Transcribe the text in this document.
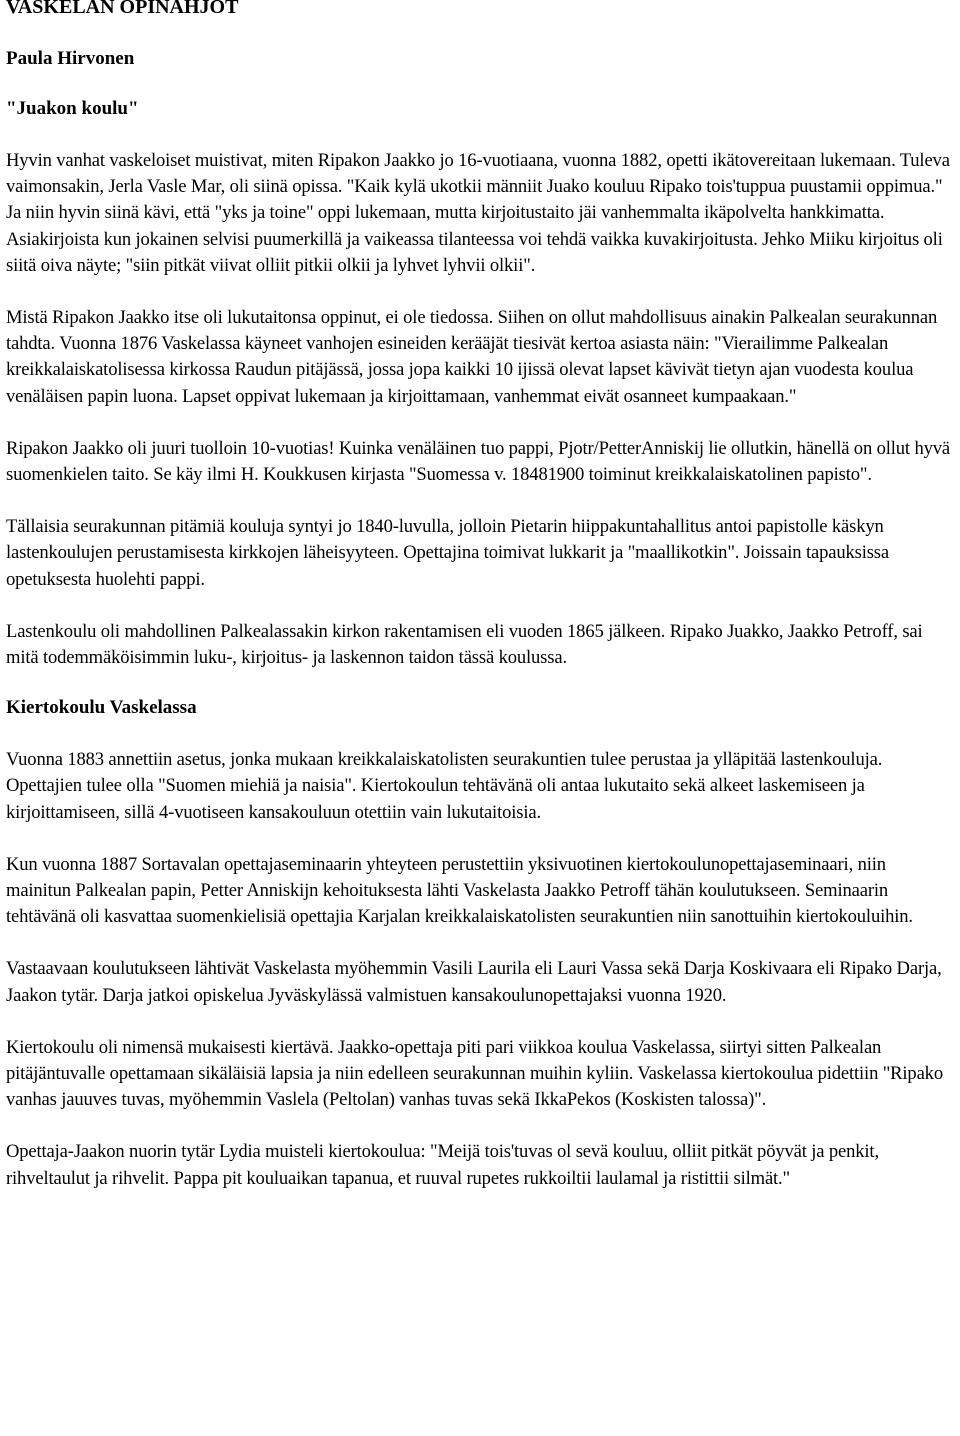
VASKELAN OPINAHJOT
Paula Hirvonen
"Juakon koulu"

Hyvin vanhat vaskeloiset muistivat, miten Ripakon Jaakko jo 16-vuotiaana, vuonna 1882, opetti ikätovereitaan lukemaan. Tuleva vaimonsakin, Jerla Vasle Mar, oli siinä opissa. "Kaik kylä ukotkii männiit Juako kouluu Ripako tois'tuppua puustamii oppimua." Ja niin hyvin siinä kävi, että "yks ja toine" oppi lukemaan, mutta kirjoitustaito jäi vanhemmalta ikäpolvelta hankkimatta. Asiakirjoista kun jokainen selvisi puumerkillä ja vaikeassa tilanteessa voi tehdä vaikka kuvakirjoitusta. Jehko Miiku kirjoitus oli siitä oiva näyte; "siin pitkät viivat olliit pitkii olkii ja lyhvet lyhvii olkii".

Mistä Ripakon Jaakko itse oli lukutaitonsa oppinut, ei ole tiedossa. Siihen on ollut mahdollisuus ainakin Palkealan seurakunnan tahdta. Vuonna 1876 Vaskelassa käyneet vanhojen esineiden kerääjät tiesivät kertoa asiasta näin: "Vierailimme Palkealan kreikkalaiskatolisessa kirkossa Raudun pitäjässä, jossa jopa kaikki 10 ijissä olevat lapset kävivät tietyn ajan vuodesta koulua venäläisen papin luona. Lapset oppivat lukemaan ja kirjoittamaan, vanhemmat eivät osanneet kumpaakaan."

Ripakon Jaakko oli juuri tuolloin 10-vuotias! Kuinka venäläinen tuo pappi, Pjotr/PetterAnniskij lie ollutkin, hänellä on ollut hyvä suomenkielen taito. Se käy ilmi H. Koukkusen kirjasta "Suomessa v. 18481900 toiminut kreikkalaiskatolinen papisto".

Tällaisia seurakunnan pitämiä kouluja syntyi jo 1840-luvulla, jolloin Pietarin hiippakuntahallitus antoi papistolle käskyn lastenkoulujen perustamisesta kirkkojen läheisyyteen. Opettajina toimivat lukkarit ja "maallikotkin". Joissain tapauksissa opetuksesta huolehti pappi.

Lastenkoulu oli mahdollinen Palkealassakin kirkon rakentamisen eli vuoden 1865 jälkeen. Ripako Juakko, Jaakko Petroff, sai mitä todemmäköisimmin luku-, kirjoitus- ja laskennon taidon tässä koulussa.

Kiertokoulu Vaskelassa

Vuonna 1883 annettiin asetus, jonka mukaan kreikkalaiskatolisten seurakuntien tulee perustaa ja ylläpitää lastenkouluja. Opettajien tulee olla "Suomen miehiä ja naisia". Kiertokoulun tehtävänä oli antaa lukutaito sekä alkeet laskemiseen ja kirjoittamiseen, sillä 4-vuotiseen kansakouluun otettiin vain lukutaitoisia.

Kun vuonna 1887 Sortavalan opettajaseminaarin yhteyteen perustettiin yksivuotinen kiertokoulunopettajaseminaari, niin mainitun Palkealan papin, Petter Anniskijn kehoituksesta lähti Vaskelasta Jaakko Petroff tähän koulutukseen. Seminaarin tehtävänä oli kasvattaa suomenkielisiä opettajia Karjalan kreikkalaiskatolisten seurakuntien niin sanottuihin kiertokouluihin.

Vastaavaan koulutukseen lähtivät Vaskelasta myöhemmin Vasili Laurila eli Lauri Vassa sekä Darja Koskivaara eli Ripako Darja, Jaakon tytär. Darja jatkoi opiskelua Jyväskylässä valmistuen kansakoulunopettajaksi vuonna 1920.

Kiertokoulu oli nimensä mukaisesti kiertävä. Jaakko-opettaja piti pari viikkoa koulua Vaskelassa, siirtyi sitten Palkealan pitäjäntuvalle opettamaan sikäläisiä lapsia ja niin edelleen seurakunnan muihin kyliin. Vaskelassa kiertokoulua pidettiin "Ripako vanhas jauuves tuvas, myöhemmin Vaslela (Peltolan) vanhas tuvas sekä IkkaPekos (Koskisten talossa)".

Opettaja-Jaakon nuorin tytär Lydia muisteli kiertokoulua: "Meijä tois'tuvas ol sevä kouluu, olliit pitkät pöyvät ja penkit, rihveltaulut ja rihvelit. Pappa pit kouluaikan tapanua, et ruuval rupetes rukkoiltii laulamal ja ristittii silmät."
